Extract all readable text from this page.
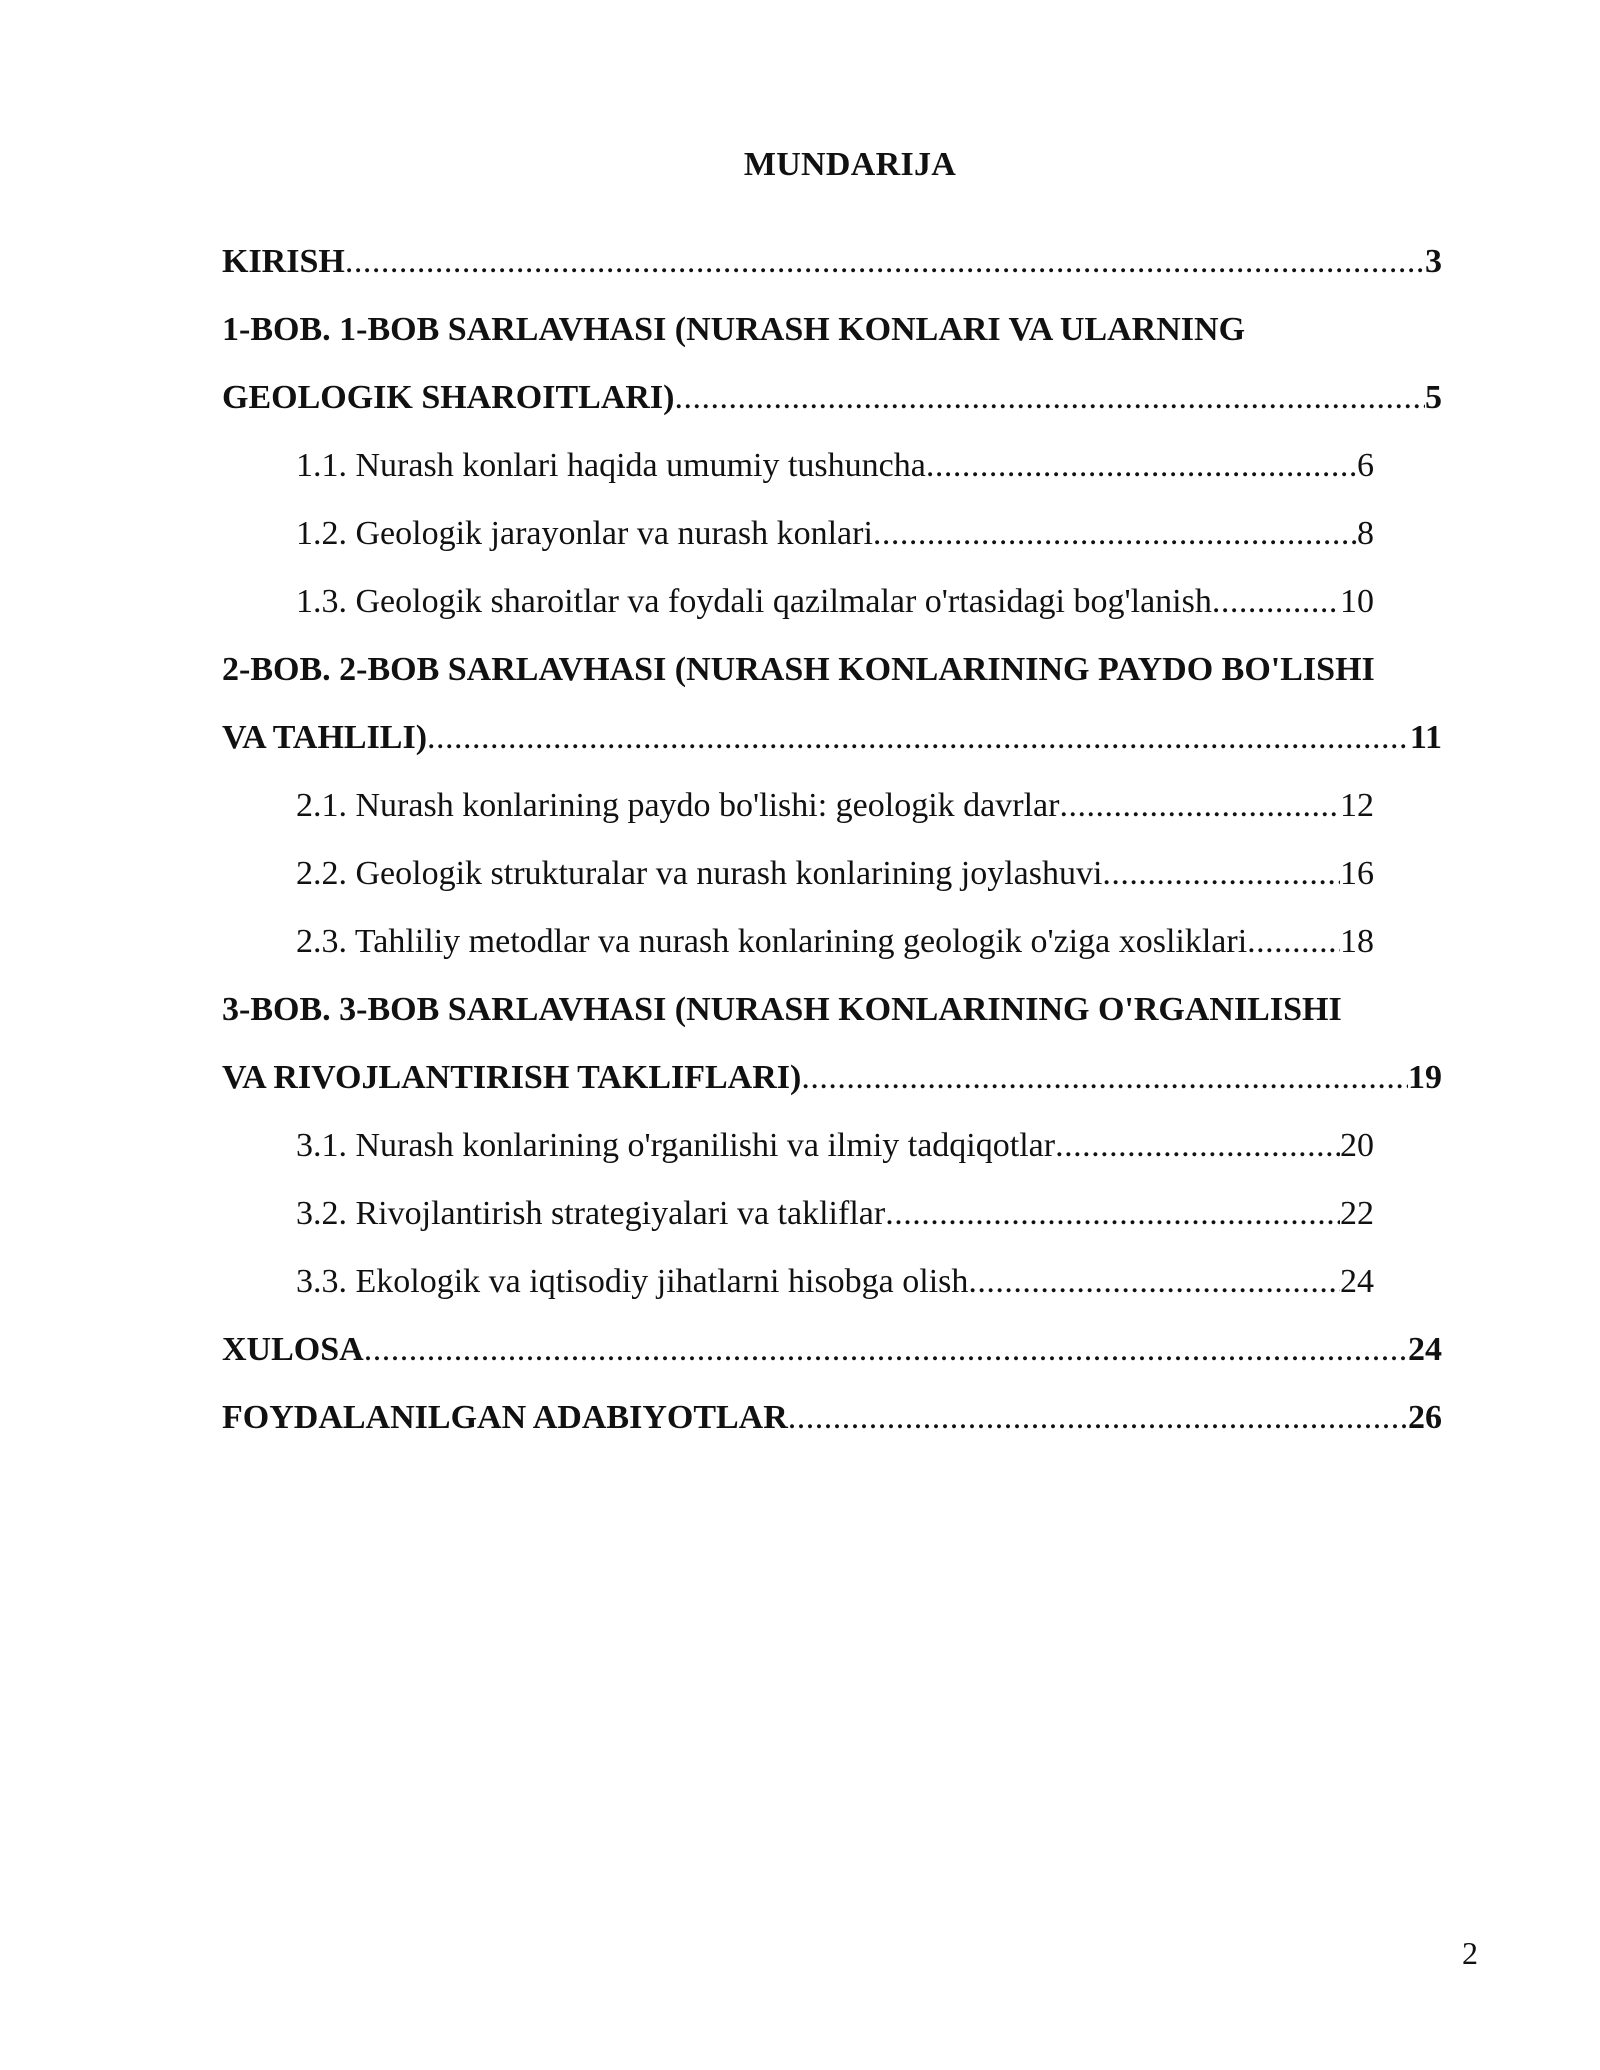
MUNDARIJA
KIRISH .....	3
1-BOB. 1-BOB SARLAVHASI (NURASH KONLARI VA ULARNING
GEOLOGIK SHAROITLARI) .....	5
1.1. Nurash konlari haqida umumiy tushuncha .....	6
1.2. Geologik jarayonlar va nurash konlari .....	8
1.3. Geologik sharoitlar va foydali qazilmalar o'rtasidagi bog'lanish .....	10
2-BOB. 2-BOB SARLAVHASI (NURASH KONLARINING PAYDO BO'LISHI
VA TAHLILI) .....	11
2.1. Nurash konlarining paydo bo'lishi: geologik davrlar .....	12
2.2. Geologik strukturalar va nurash konlarining joylashuvi .....	16
2.3. Tahliliy metodlar va nurash konlarining geologik o'ziga xosliklari .....	18
3-BOB. 3-BOB SARLAVHASI (NURASH KONLARINING O'RGANILISHI
VA RIVOJLANTIRISH TAKLIFLARI) .....	19
3.1. Nurash konlarining o'rganilishi va ilmiy tadqiqotlar .....	20
3.2. Rivojlantirish strategiyalari va takliflar .....	22
3.3. Ekologik va iqtisodiy jihatlarni hisobga olish .....	24
XULOSA .....	24
FOYDALANILGAN ADABIYOTLAR .....	26
2
